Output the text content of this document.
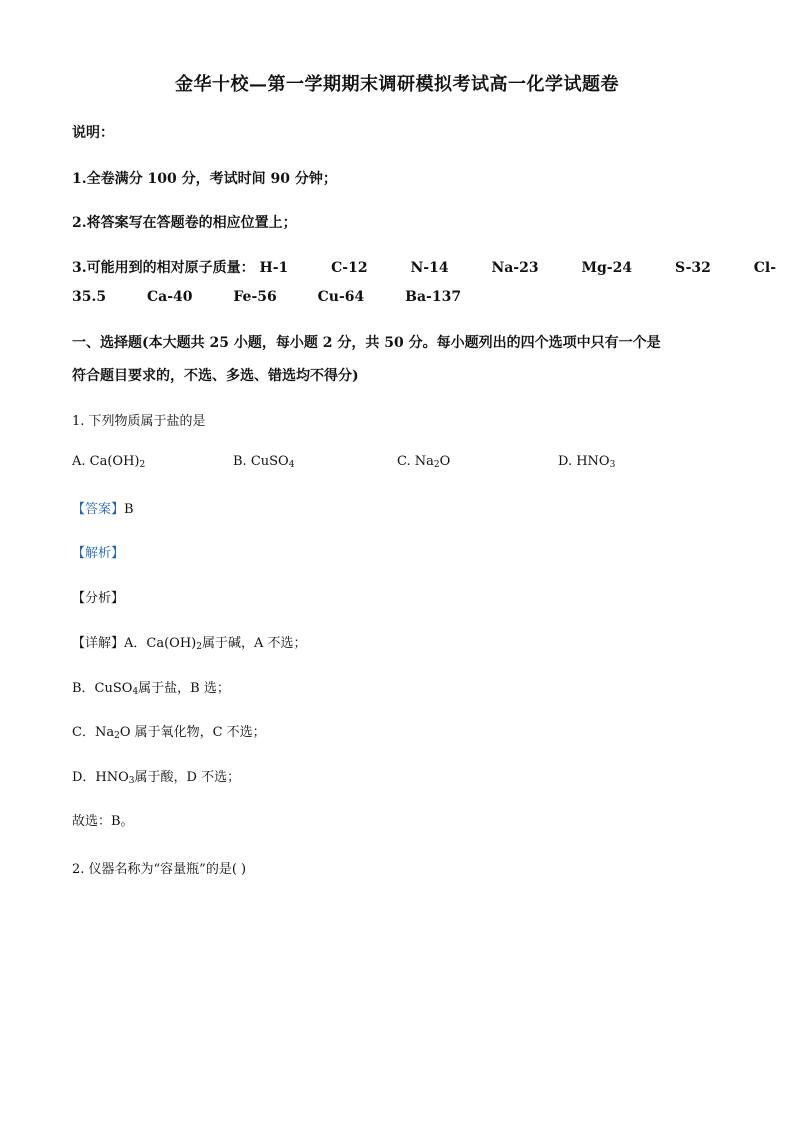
金华十校—第一学期期末调研模拟考试高一化学试题卷
说明：
1.全卷满分 100 分，考试时间 90 分钟；
2.将答案写在答题卷的相应位置上；
3.可能用到的相对原子质量： H-1	C-12	N-14	Na-23	Mg-24	S-32	Cl-
35.5	Ca-40	Fe-56	Cu-64	Ba-137
一、选择题(本大题共 25 小题，每小题 2 分，共 50 分。每小题列出的四个选项中只有一个是
符合题目要求的，不选、多选、错选均不得分)
1. 下列物质属于盐的是
A. $Ca(OH)_2$	B. CuSO$_4$	C. $Na_2O$	D. $HNO_3$
【答案】B
【解析】
【分析】
【详解】A．$Ca(OH)_2$属于碱，A 不选；
B．CuSO$_4$属于盐，B 选；
C．$Na_2O$ 属于氧化物，C 不选；
D．$HNO_3$属于酸，D 不选；
故选：B。
2. 仪器名称为“容量瓶”的是( )
